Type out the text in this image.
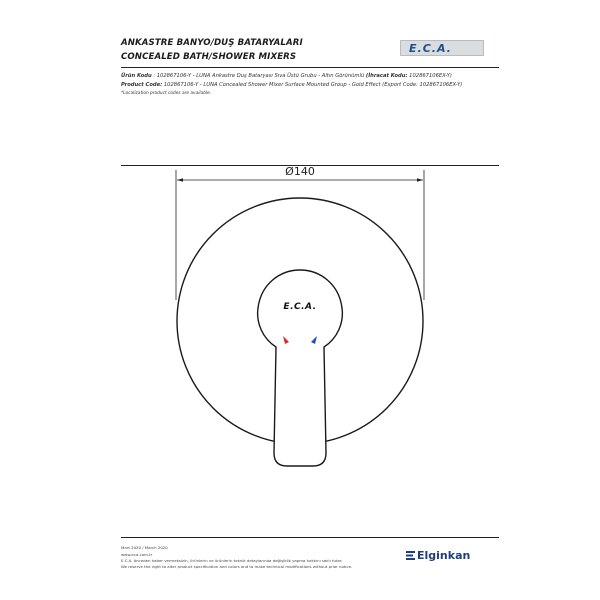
ANKASTRE BANYO/DUŞ BATARYALARI
CONCEALED BATH/SHOWER MIXERS
E.C.A.
Ürün Kodu : 102867106-Y - LUNA Ankastre Duş Bataryası Sıva Üstü Grubu - Altın Görünümlü (İhracat Kodu: 102867106EX-Y)
Product Code: 102867106-Y - LUNA Concealed Shower Mixer Surface Mounted Group - Gold Effect (Export Code: 102867106EX-Y)
*Localization product codes are available.
Ø140
E.C.A.
Mart 2020 / March 2020
www.eca.com.tr
E.C.A. önceden haber vermeksizin, ürünlerin ve ürünlerin teknik detaylarında değişiklik yapma hakkını saklı tutar.
We reserve the right to alter product specification and colors and to make technical modifications without prior notice.
Elginkan
